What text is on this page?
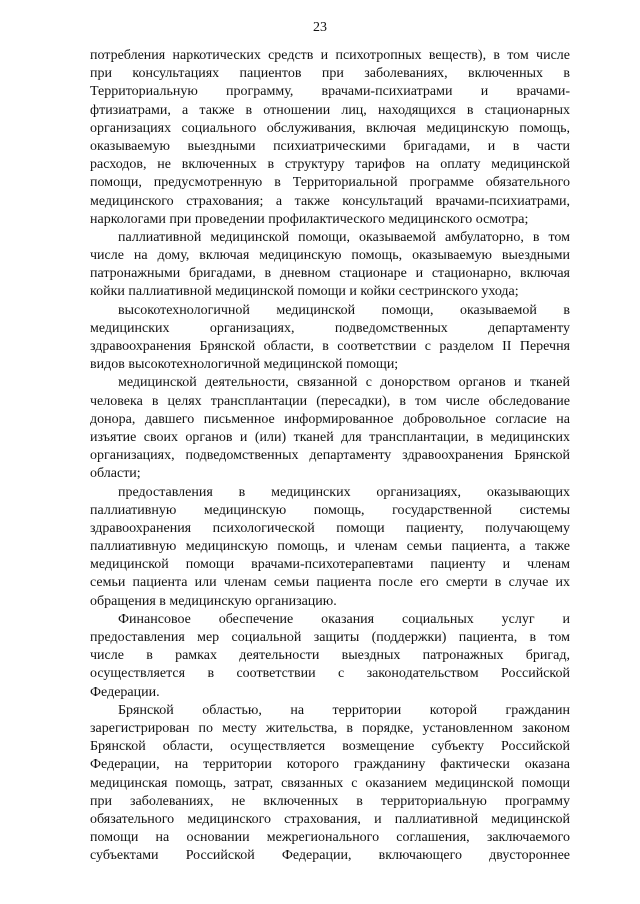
23
потребления наркотических средств и психотропных веществ), в том числе
при консультациях пациентов при заболеваниях, включенных в
Территориальную программу, врачами-психиатрами и врачами-
фтизиатрами, а также в отношении лиц, находящихся в стационарных
организациях социального обслуживания, включая медицинскую помощь,
оказываемую выездными психиатрическими бригадами, и в части
расходов, не включенных в структуру тарифов на оплату медицинской
помощи, предусмотренную в Территориальной программе обязательного
медицинского страхования; а также консультаций врачами-психиатрами,
наркологами при проведении профилактического медицинского осмотра;
паллиативной медицинской помощи, оказываемой амбулаторно, в том
числе на дому, включая медицинскую помощь, оказываемую выездными
патронажными бригадами, в дневном стационаре и стационарно, включая
койки паллиативной медицинской помощи и койки сестринского ухода;
высокотехнологичной медицинской помощи, оказываемой в
медицинских организациях, подведомственных департаменту
здравоохранения Брянской области, в соответствии с разделом II Перечня
видов высокотехнологичной медицинской помощи;
медицинской деятельности, связанной с донорством органов и тканей
человека в целях трансплантации (пересадки), в том числе обследование
донора, давшего письменное информированное добровольное согласие на
изъятие своих органов и (или) тканей для трансплантации, в медицинских
организациях, подведомственных департаменту здравоохранения Брянской
области;
предоставления в медицинских организациях, оказывающих
паллиативную медицинскую помощь, государственной системы
здравоохранения психологической помощи пациенту, получающему
паллиативную медицинскую помощь, и членам семьи пациента, а также
медицинской помощи врачами-психотерапевтами пациенту и членам
семьи пациента или членам семьи пациента после его смерти в случае их
обращения в медицинскую организацию.
Финансовое обеспечение оказания социальных услуг и
предоставления мер социальной защиты (поддержки) пациента, в том
числе в рамках деятельности выездных патронажных бригад,
осуществляется в соответствии с законодательством Российской
Федерации.
Брянской областью, на территории которой гражданин
зарегистрирован по месту жительства, в порядке, установленном законом
Брянской области, осуществляется возмещение субъекту Российской
Федерации, на территории которого гражданину фактически оказана
медицинская помощь, затрат, связанных с оказанием медицинской помощи
при заболеваниях, не включенных в территориальную программу
обязательного медицинского страхования, и паллиативной медицинской
помощи на основании межрегионального соглашения, заключаемого
субъектами Российской Федерации, включающего двустороннее
